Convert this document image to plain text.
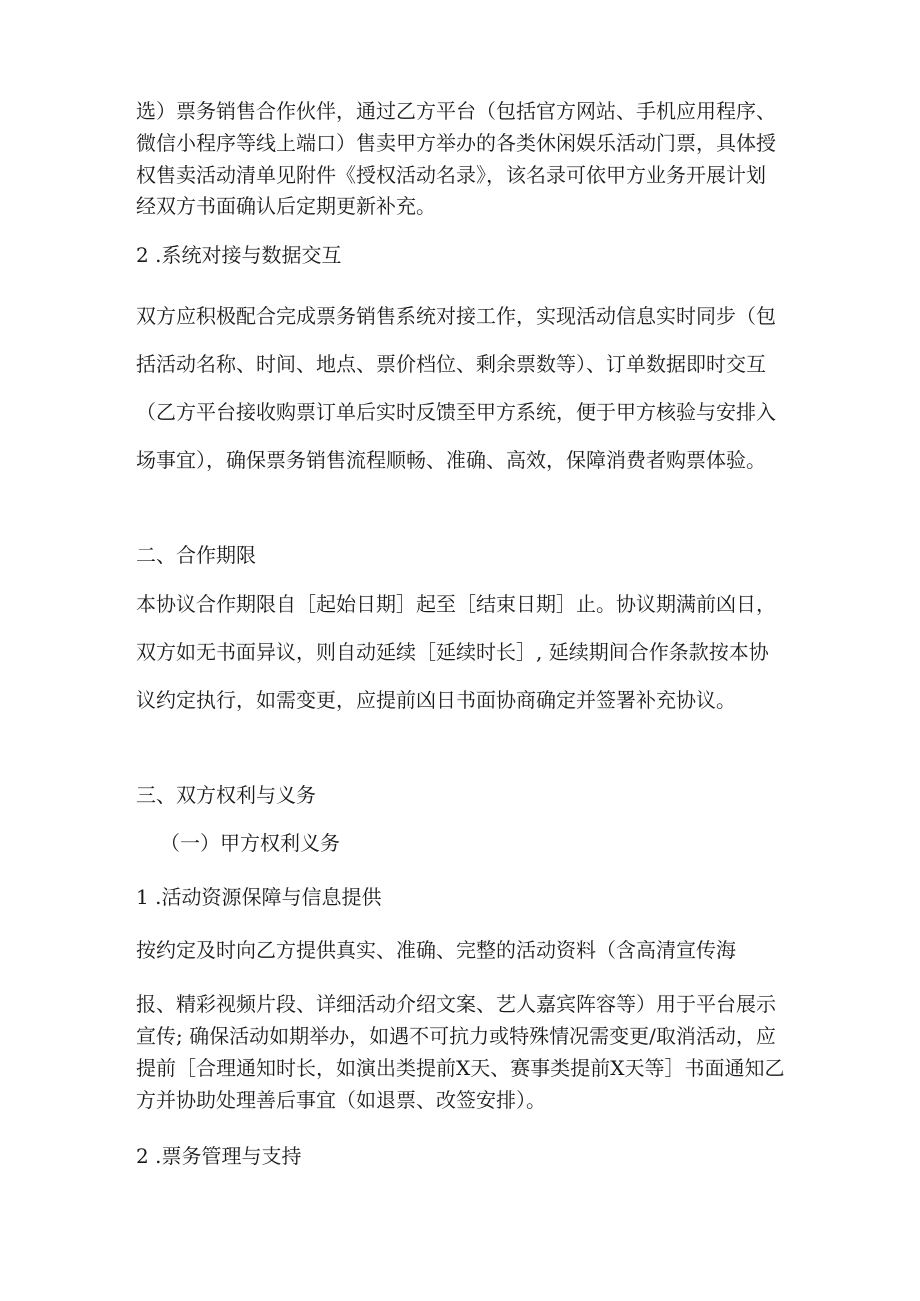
选）票务销售合作伙伴，通过乙方平台（包括官方网站、手机应用程序、

微信小程序等线上端口）售卖甲方举办的各类休闲娱乐活动门票，具体授

权售卖活动清单见附件《授权活动名录》，该名录可依甲方业务开展计划

经双方书面确认后定期更新补充。

2 .系统对接与数据交互

双方应积极配合完成票务销售系统对接工作，实现活动信息实时同步（包

括活动名称、时间、地点、票价档位、剩余票数等）、订单数据即时交互

（乙方平台接收购票订单后实时反馈至甲方系统，便于甲方核验与安排入

场事宜），确保票务销售流程顺畅、准确、高效，保障消费者购票体验。

二、合作期限

本协议合作期限自［起始日期］起至［结束日期］止。协议期满前凶日，

双方如无书面异议，则自动延续［延续时长］, 延续期间合作条款按本协

议约定执行，如需变更，应提前凶日书面协商确定并签署补充协议。

三、双方权利与义务

（一）甲方权利义务

1 .活动资源保障与信息提供

按约定及时向乙方提供真实、准确、完整的活动资料（含高清宣传海

报、精彩视频片段、详细活动介绍文案、艺人嘉宾阵容等）用于平台展示

宣传; 确保活动如期举办，如遇不可抗力或特殊情况需变更/取消活动，应

提前［合理通知时长，如演出类提前X天、赛事类提前X天等］书面通知乙

方并协助处理善后事宜（如退票、改签安排）。

2 .票务管理与支持
